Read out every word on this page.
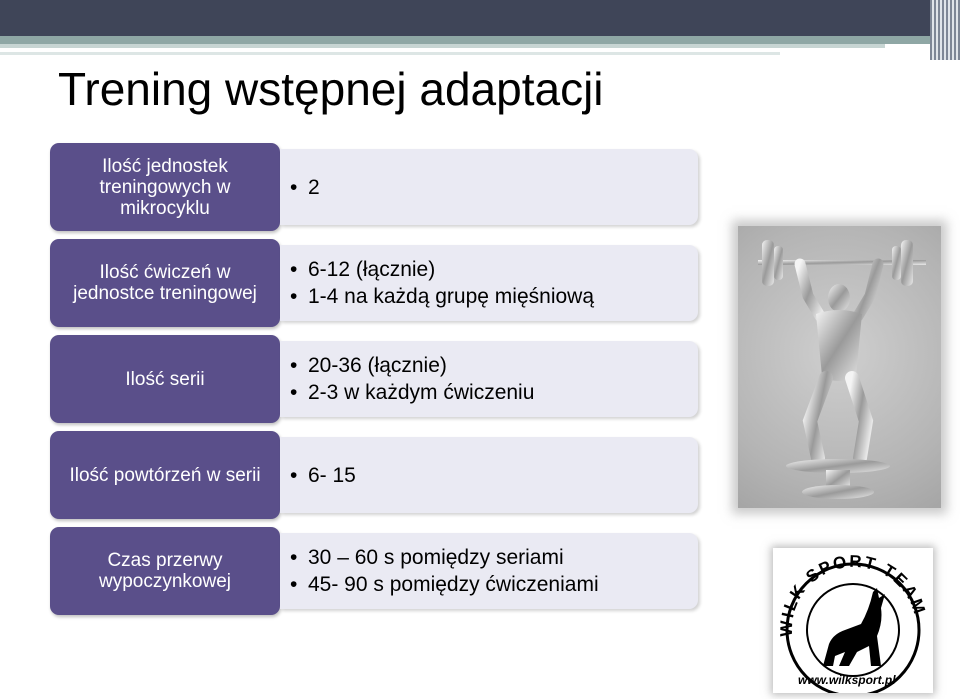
Trening wstępnej adaptacji
Ilość jednostek treningowych w mikrocyklu
• 2
Ilość ćwiczeń w jednostce treningowej
• 6-12 (łącznie)
• 1-4 na każdą grupę mięśniową
Ilość serii
• 20-36 (łącznie)
• 2-3 w każdym ćwiczeniu
Ilość powtórzeń w serii
•	6- 15
Czas przerwy wypoczynkowej
• 30 – 60 s pomiędzy seriami
• 45- 90 s pomiędzy ćwiczeniami
WILK SPORT TEAM
www.wilksport.pl
